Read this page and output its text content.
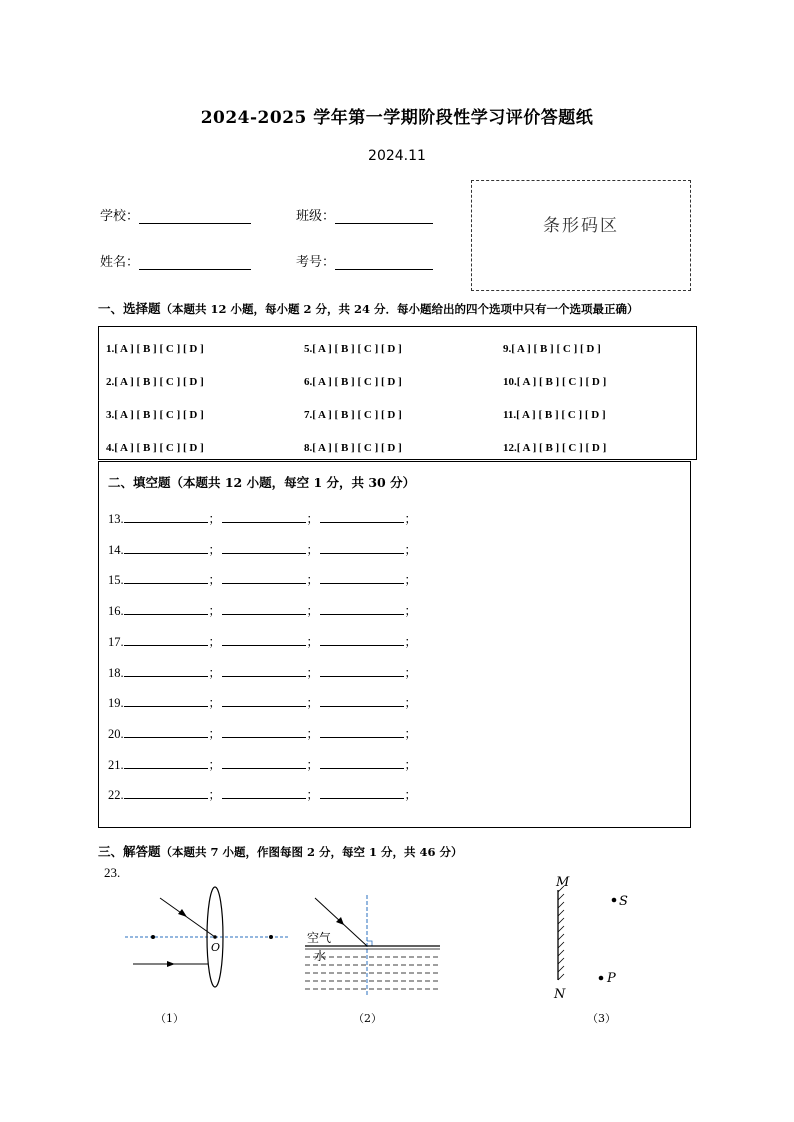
2024-2025 学年第一学期阶段性学习评价答题纸
2024.11
学校：	班级：
姓名：	考号：
条形码区
一、选择题（本题共 12 小题，每小题 2 分，共 24 分．每小题给出的四个选项中只有一个选项最正确）
1.[ A ] [ B ] [ C ] [ D ]
2.[ A ] [ B ] [ C ] [ D ]
3.[ A ] [ B ] [ C ] [ D ]
4.[ A ] [ B ] [ C ] [ D ]
5.[ A ] [ B ] [ C ] [ D ]
6.[ A ] [ B ] [ C ] [ D ]
7.[ A ] [ B ] [ C ] [ D ]
8.[ A ] [ B ] [ C ] [ D ]
9.[ A ] [ B ] [ C ] [ D ]
10.[ A ] [ B ] [ C ] [ D ]
11.[ A ] [ B ] [ C ] [ D ]
12.[ A ] [ B ] [ C ] [ D ]
二、填空题（本题共 12 小题，每空 1 分，共 30 分）
13.	；	；	；
14.	；	；	；
15.	；	；	；
16.	；	；	；
17.	；	；	；
18.	；	；	；
19.	；	；	；
20.	；	；	；
21.	；	；	；
22.	；	；	；
三、解答题（本题共 7 小题，作图每图 2 分，每空 1 分，共 46 分）
23.
O
（1）
空气
水
（2）
M
N
S
P
（3）
